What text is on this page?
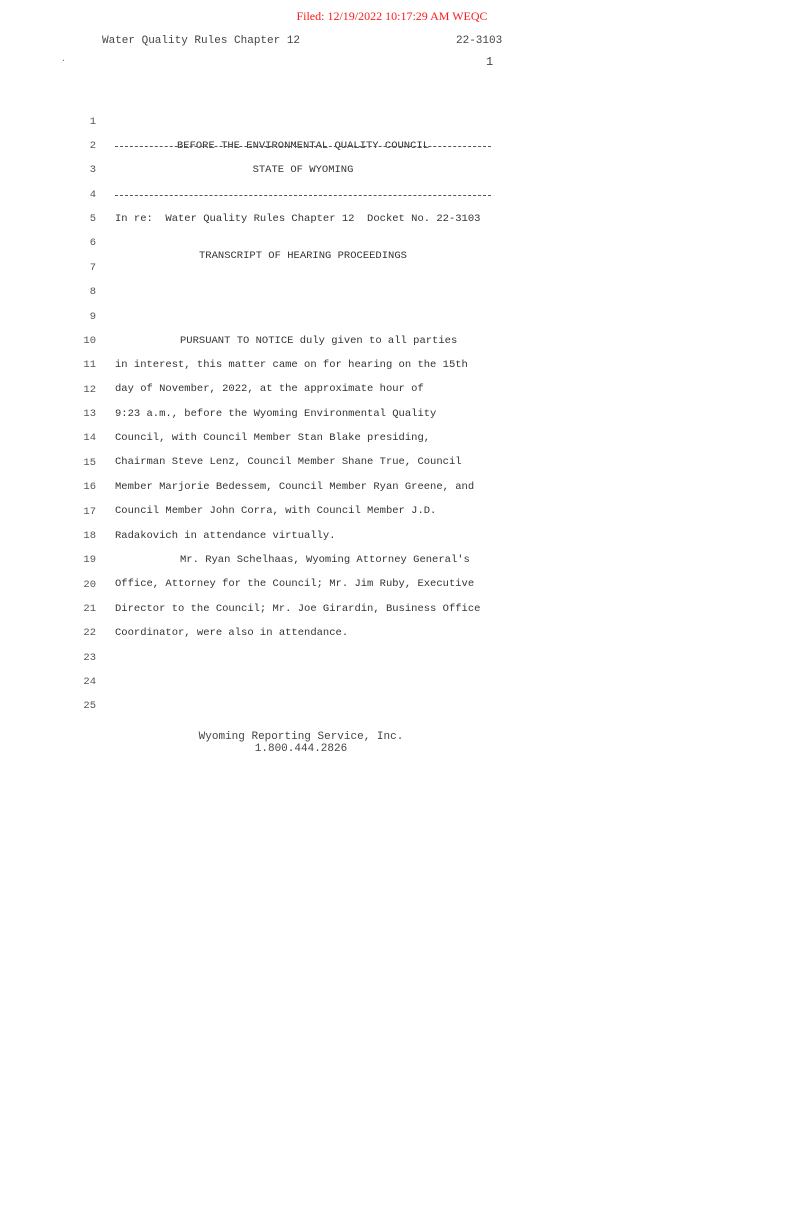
Filed: 12/19/2022 10:17:29 AM WEQC
Water Quality Rules Chapter 12	22-3103
1
.

1

BEFORE THE ENVIRONMENTAL QUALITY COUNCIL

2

STATE OF WYOMING

3

4

In re:  Water Quality Rules Chapter 12  Docket No. 22-3103

5

6

TRANSCRIPT OF HEARING PROCEEDINGS

7

8

9

PURSUANT TO NOTICE duly given to all parties

10

in interest, this matter came on for hearing on the 15th

11

day of November, 2022, at the approximate hour of

12

9:23 a.m., before the Wyoming Environmental Quality

13

Council, with Council Member Stan Blake presiding,

14

Chairman Steve Lenz, Council Member Shane True, Council

15

Member Marjorie Bedessem, Council Member Ryan Greene, and

16

Council Member John Corra, with Council Member J.D.

17

Radakovich in attendance virtually.

18

Mr. Ryan Schelhaas, Wyoming Attorney General's

19

Office, Attorney for the Council; Mr. Jim Ruby, Executive

20

Director to the Council; Mr. Joe Girardin, Business Office

21

Coordinator, were also in attendance.

22

23

24

25

Wyoming Reporting Service, Inc.
1.800.444.2826
